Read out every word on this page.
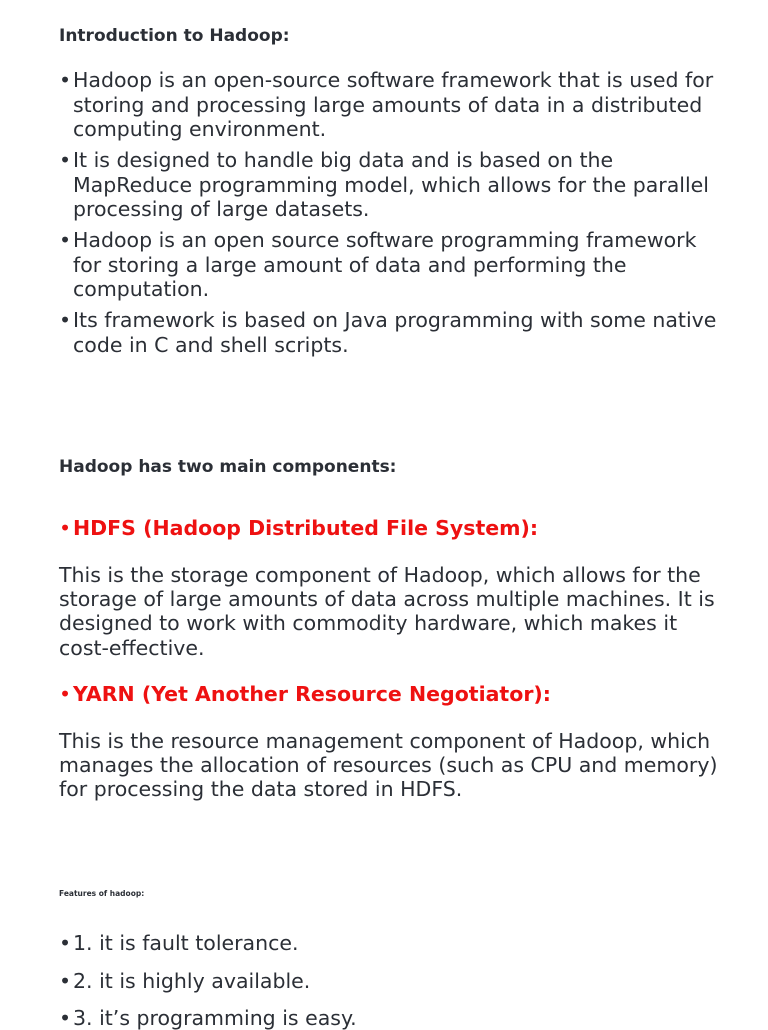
Introduction to Hadoop:
• Hadoop is an open-source software framework that is used for storing and processing large amounts of data in a distributed computing environment.
• It is designed to handle big data and is based on the MapReduce programming model, which allows for the parallel processing of large datasets.
• Hadoop is an open source software programming framework for storing a large amount of data and performing the computation.
• Its framework is based on Java programming with some native code in C and shell scripts.
Hadoop has two main components:
• HDFS (Hadoop Distributed File System):

This is the storage component of Hadoop, which allows for the storage of large amounts of data across multiple machines. It is designed to work with commodity hardware, which makes it cost-effective.

• YARN (Yet Another Resource Negotiator):

This is the resource management component of Hadoop, which manages the allocation of resources (such as CPU and memory) for processing the data stored in HDFS.

Features of hadoop:
• 1. it is fault tolerance.
• 2. it is highly available.
• 3. it’s programming is easy.
